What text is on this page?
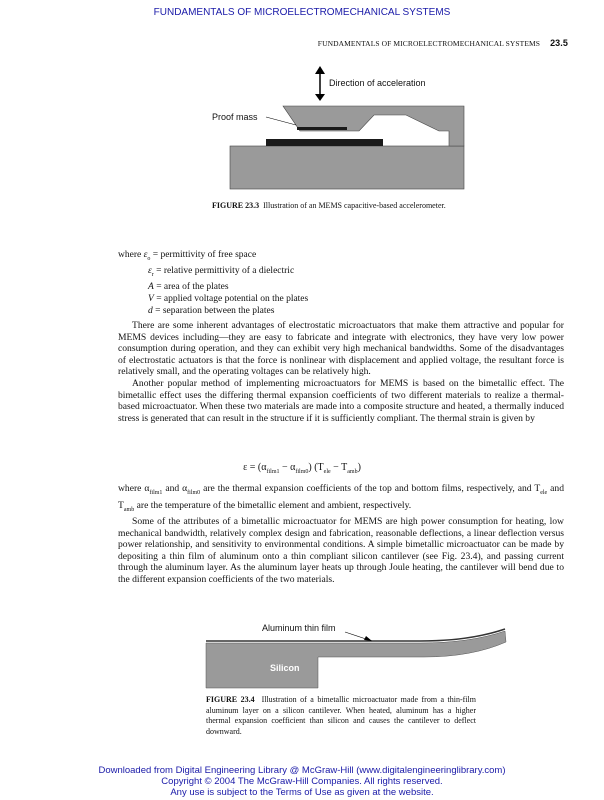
FUNDAMENTALS OF MICROELECTROMECHANICAL SYSTEMS
FUNDAMENTALS OF MICROELECTROMECHANICAL SYSTEMS 23.5
Direction of acceleration
Proof mass
Silicon
Aluminum thin film
FIGURE 23.3 Illustration of an MEMS capacitive-based accelerometer.
where $\varepsilon_o$ = permittivity of free space
$\varepsilon_r$ = relative permittivity of a dielectric
A = area of the plates
V = applied voltage potential on the plates
d = separation between the plates

There are some inherent advantages of electrostatic microactuators that make them attractive and popular for MEMS devices including—they are easy to fabricate and integrate with electronics, they have very low power consumption during operation, and they can exhibit very high mechanical bandwidths. Some of the disadvantages of electrostatic actuators is that the force is nonlinear with displacement and applied voltage, the resultant force is relatively small, and the operating voltages can be relatively high.

Another popular method of implementing microactuators for MEMS is based on the bimetallic effect. The bimetallic effect uses the differing thermal expansion coefficients of two different materials to realize a thermal-based microactuator. When these two materials are made into a composite structure and heated, a thermally induced stress is generated that can result in the structure if it is sufficiently compliant. The thermal strain is given by

$\varepsilon = (\alpha_{film1} - \alpha_{film0}) (T_{ele} - T_{amb})$

where $\alpha_{film1}$ and $\alpha_{film0}$ are the thermal expansion coefficients of the top and bottom films, respectively, and $T_{ele}$ and $T_{amb}$ are the temperature of the bimetallic element and ambient, respectively.

Some of the attributes of a bimetallic microactuator for MEMS are high power consumption for heating, low mechanical bandwidth, relatively complex design and fabrication, reasonable deflections, a linear deflection versus power relationship, and sensitivity to environmental conditions. A simple bimetallic microactuator can be made by depositing a thin film of aluminum onto a thin compliant silicon cantilever (see Fig. 23.4), and passing current through the aluminum layer. As the aluminum layer heats up through Joule heating, the cantilever will bend due to the different expansion coefficients of the two materials.

FIGURE 23.4 Illustration of a bimetallic microactuator made from a thin-film aluminum layer on a silicon cantilever. When heated, aluminum has a higher thermal expansion coefficient than silicon and causes the cantilever to deflect downward.
Downloaded from Digital Engineering Library @ McGraw-Hill (www.digitalengineeringlibrary.com)
Copyright © 2004 The McGraw-Hill Companies. All rights reserved.
Any use is subject to the Terms of Use as given at the website.
